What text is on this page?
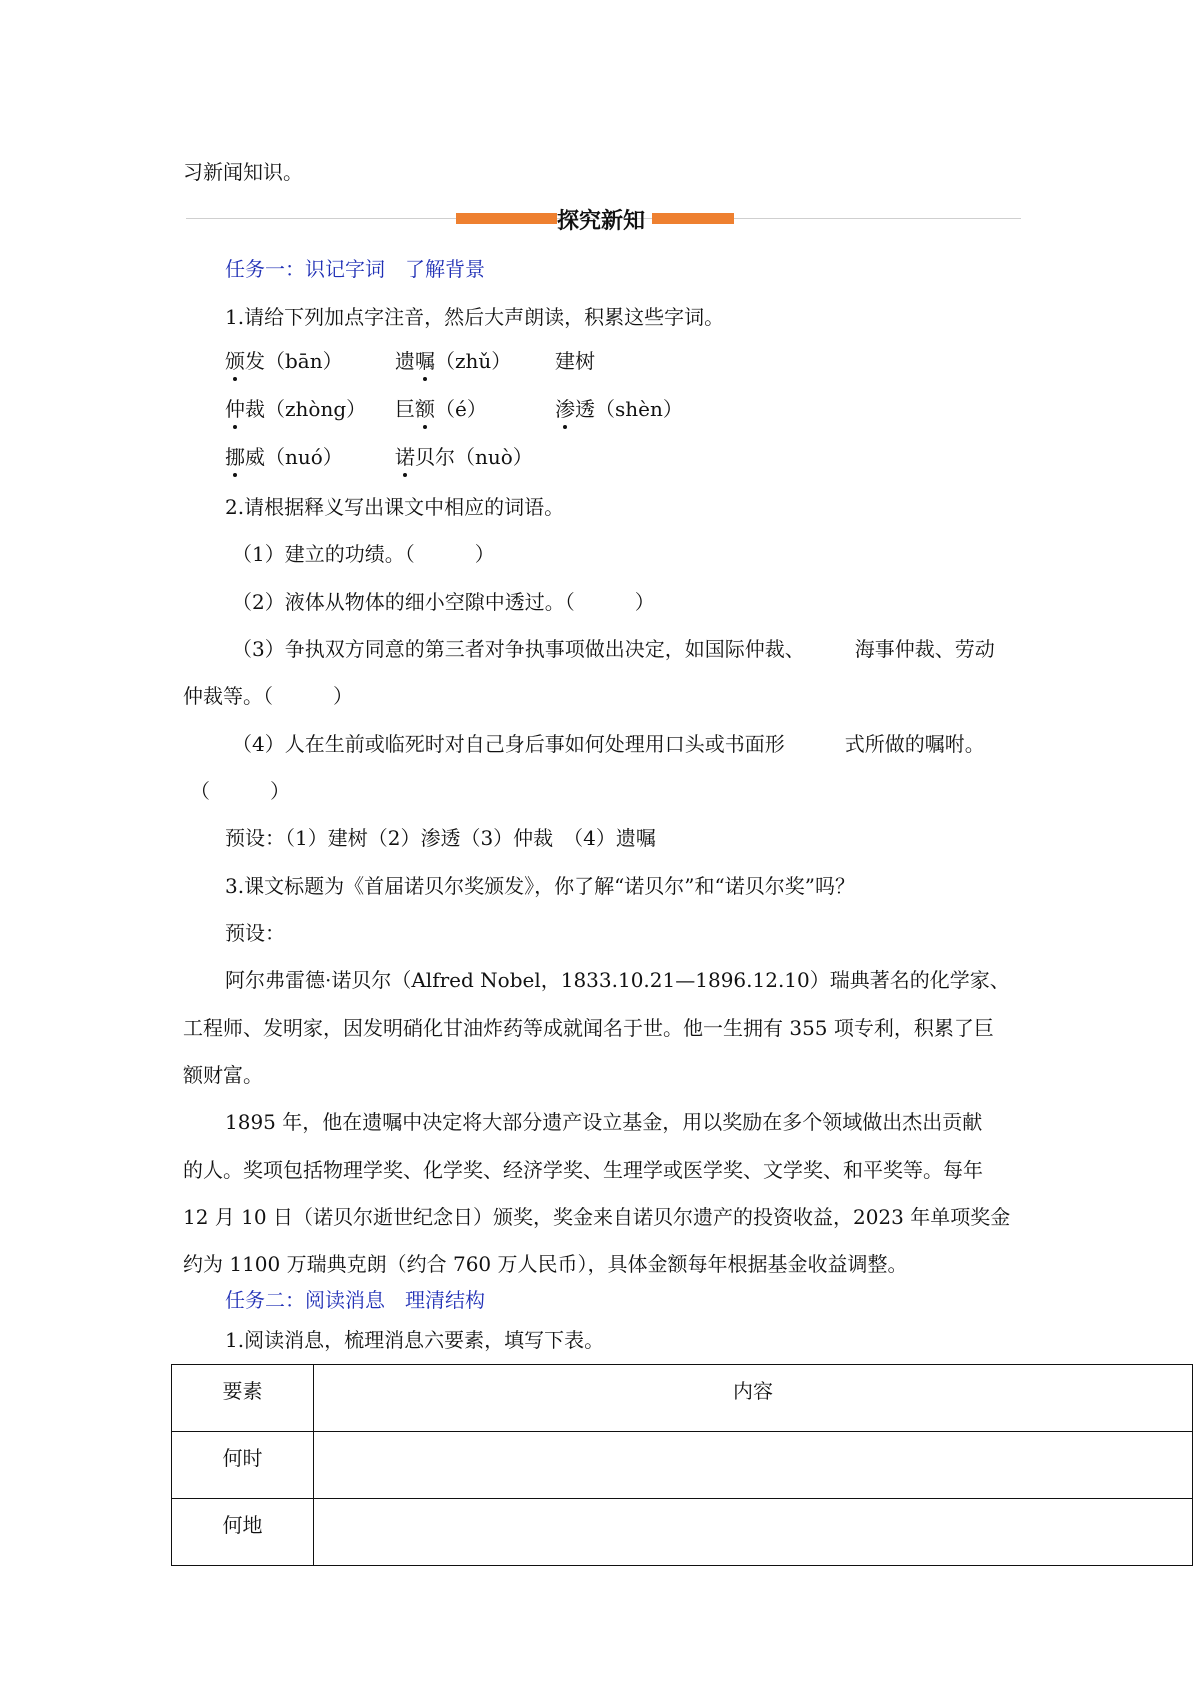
习新闻知识。
探究新知
任务一：识记字词　了解背景
1.请给下列加点字注音，然后大声朗读，积累这些字词。
颁发（bān）	遗嘱（zhǔ） 建树
仲裁（zhòng） 巨额（é）	渗透（shèn）
挪威（nuó）	诺贝尔（nuò）
2.请根据释义写出课文中相应的词语。
（1）建立的功绩。（　　　）
（2）液体从物体的细小空隙中透过。（　　　）
（3）争执双方同意的第三者对争执事项做出决定，如国际仲裁、　　　海事仲裁、劳动
仲裁等。（　　　）
（4）人在生前或临死时对自己身后事如何处理用口头或书面形　　　式所做的嘱咐。
（　　　）
预设：（1）建树（2）渗透（3）仲裁　（4）遗嘱
3.课文标题为《首届诺贝尔奖颁发》，你了解“诺贝尔”和“诺贝尔奖”吗？
预设：
阿尔弗雷德·诺贝尔（Alfred Nobel，1833.10.21—1896.12.10）瑞典著名的化学家、
工程师、发明家，因发明硝化甘油炸药等成就闻名于世。他一生拥有 355 项专利，积累了巨
额财富。
1895 年，他在遗嘱中决定将大部分遗产设立基金，用以奖励在多个领域做出杰出贡献
的人。奖项包括物理学奖、化学奖、经济学奖、生理学或医学奖、文学奖、和平奖等。每年
12 月 10 日（诺贝尔逝世纪念日）颁奖，奖金来自诺贝尔遗产的投资收益，2023 年单项奖金
约为 1100 万瑞典克朗（约合 760 万人民币），具体金额每年根据基金收益调整。
任务二：阅读消息　理清结构
1.阅读消息，梳理消息六要素，填写下表。
要素	内容
何时	
何地	
